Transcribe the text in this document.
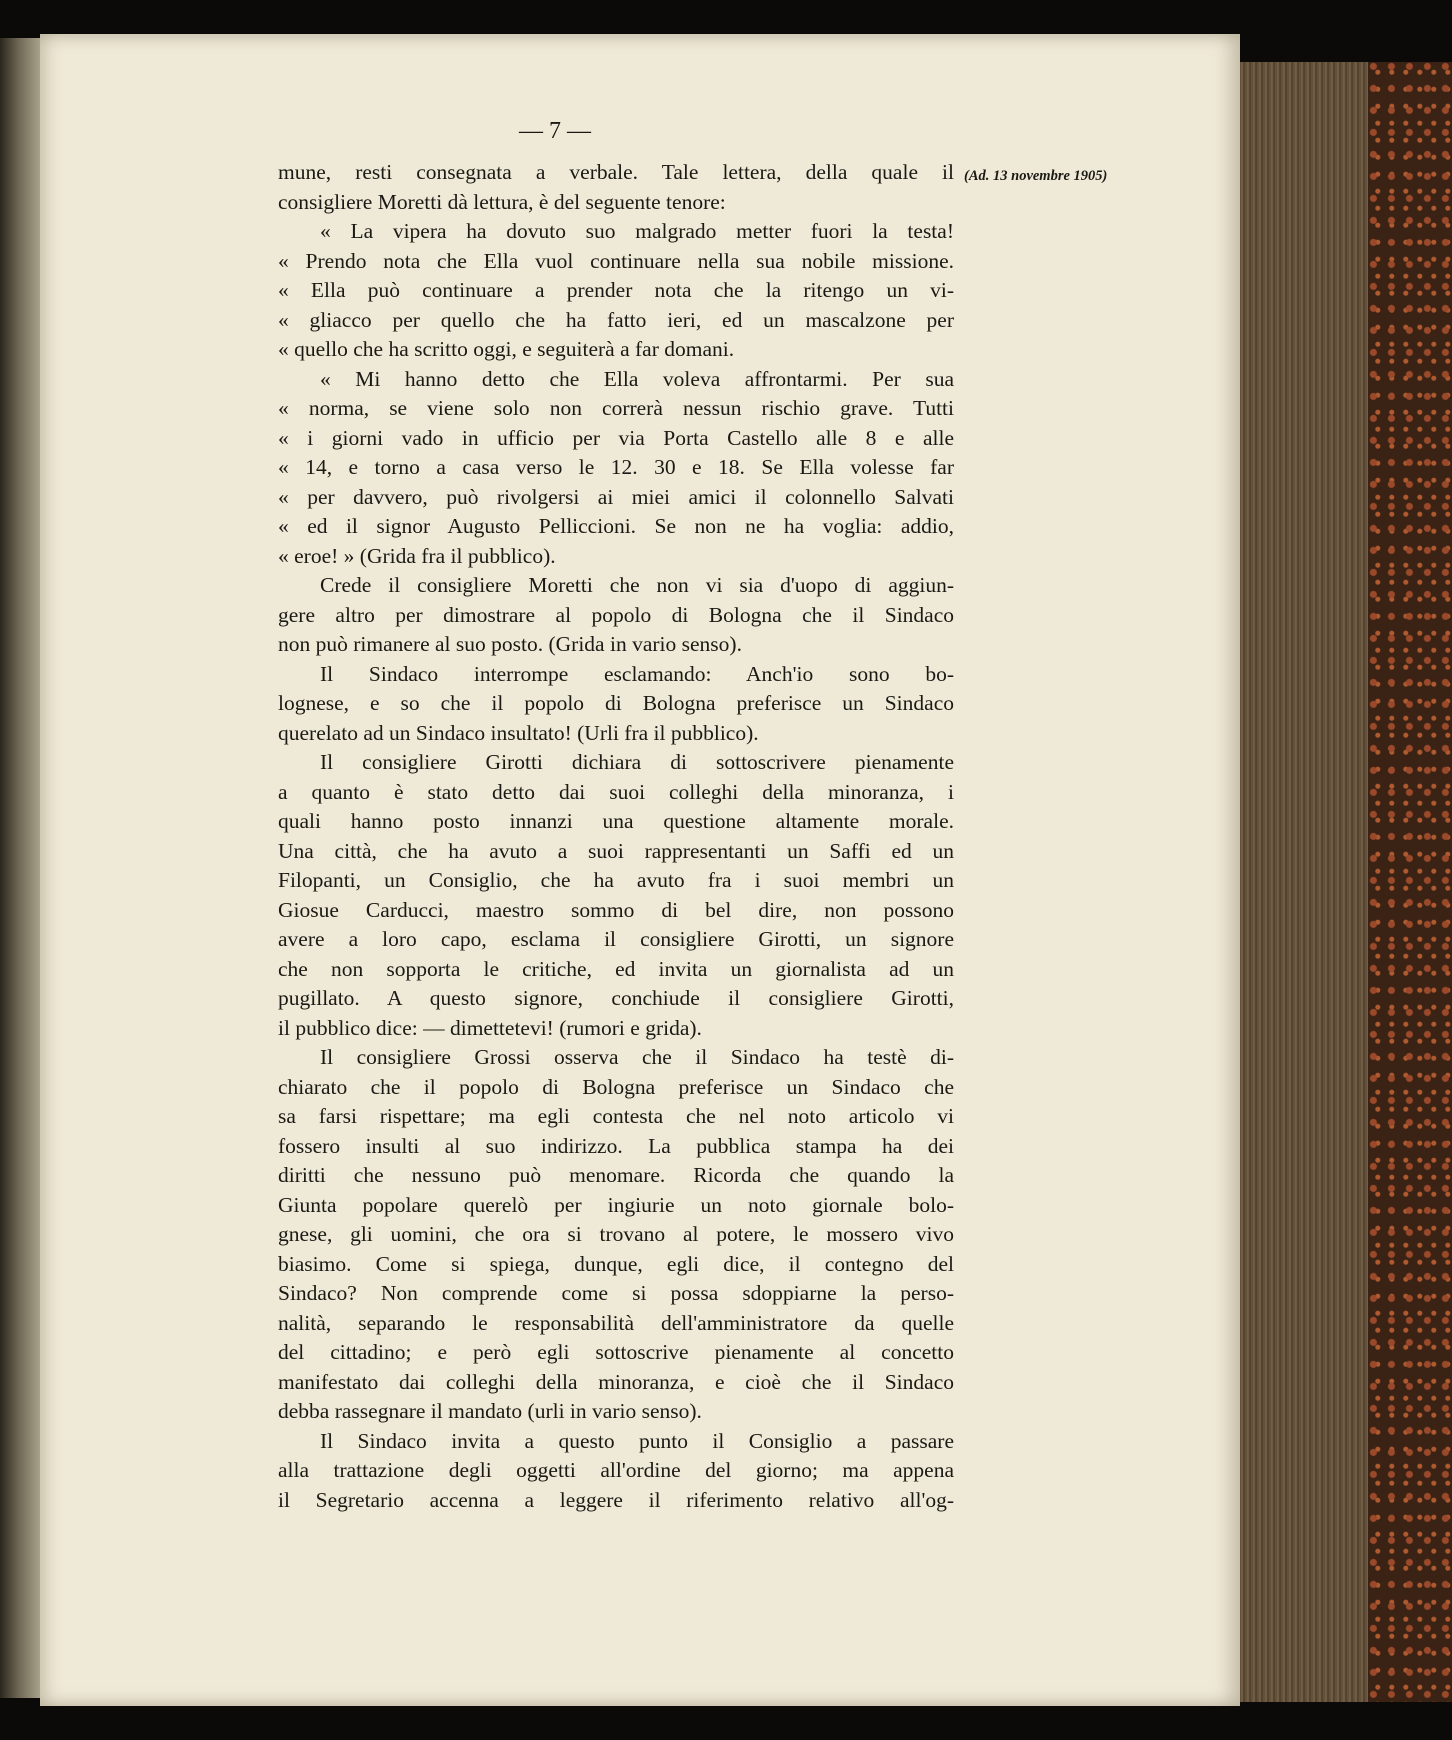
— 7 —
(Ad. 13 novembre 1905)
mune, resti consegnata a verbale. Tale lettera, della quale il
consigliere Moretti dà lettura, è del seguente tenore:
« La vipera ha dovuto suo malgrado metter fuori la testa!
« Prendo nota che Ella vuol continuare nella sua nobile missione.
« Ella può continuare a prender nota che la ritengo un vi-
« gliacco per quello che ha fatto ieri, ed un mascalzone per
« quello che ha scritto oggi, e seguiterà a far domani.
« Mi hanno detto che Ella voleva affrontarmi. Per sua
« norma, se viene solo non correrà nessun rischio grave. Tutti
« i giorni vado in ufficio per via Porta Castello alle 8 e alle
« 14, e torno a casa verso le 12. 30 e 18. Se Ella volesse far
« per davvero, può rivolgersi ai miei amici il colonnello Salvati
« ed il signor Augusto Pelliccioni. Se non ne ha voglia: addio,
« eroe! » (Grida fra il pubblico).
Crede il consigliere Moretti che non vi sia d'uopo di aggiun-
gere altro per dimostrare al popolo di Bologna che il Sindaco
non può rimanere al suo posto. (Grida in vario senso).
Il Sindaco interrompe esclamando: Anch'io sono bo-
lognese, e so che il popolo di Bologna preferisce un Sindaco
querelato ad un Sindaco insultato! (Urli fra il pubblico).
Il consigliere Girotti dichiara di sottoscrivere pienamente
a quanto è stato detto dai suoi colleghi della minoranza, i
quali hanno posto innanzi una questione altamente morale.
Una città, che ha avuto a suoi rappresentanti un Saffi ed un
Filopanti, un Consiglio, che ha avuto fra i suoi membri un
Giosue Carducci, maestro sommo di bel dire, non possono
avere a loro capo, esclama il consigliere Girotti, un signore
che non sopporta le critiche, ed invita un giornalista ad un
pugillato. A questo signore, conchiude il consigliere Girotti,
il pubblico dice: — dimettetevi! (rumori e grida).
Il consigliere Grossi osserva che il Sindaco ha testè di-
chiarato che il popolo di Bologna preferisce un Sindaco che
sa farsi rispettare; ma egli contesta che nel noto articolo vi
fossero insulti al suo indirizzo. La pubblica stampa ha dei
diritti che nessuno può menomare. Ricorda che quando la
Giunta popolare querelò per ingiurie un noto giornale bolo-
gnese, gli uomini, che ora si trovano al potere, le mossero vivo
biasimo. Come si spiega, dunque, egli dice, il contegno del
Sindaco? Non comprende come si possa sdoppiarne la perso-
nalità, separando le responsabilità dell'amministratore da quelle
del cittadino; e però egli sottoscrive pienamente al concetto
manifestato dai colleghi della minoranza, e cioè che il Sindaco
debba rassegnare il mandato (urli in vario senso).
Il Sindaco invita a questo punto il Consiglio a passare
alla trattazione degli oggetti all'ordine del giorno; ma appena
il Segretario accenna a leggere il riferimento relativo all'og-
